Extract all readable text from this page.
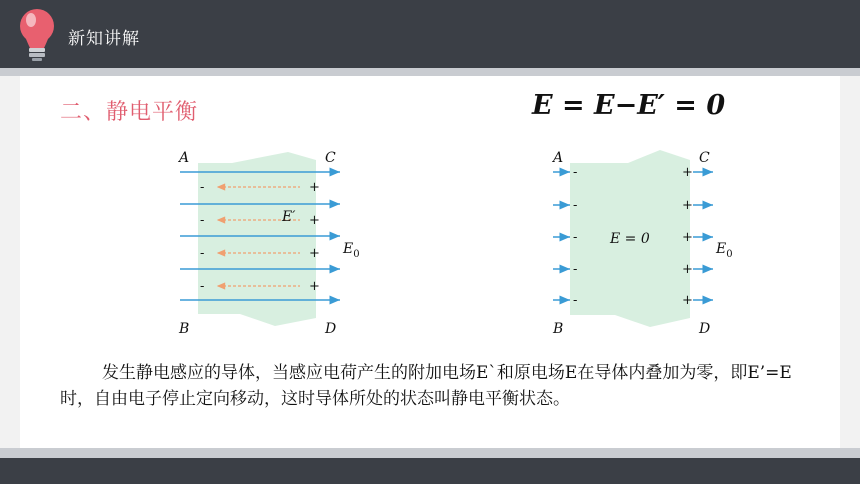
新知讲解
二、静电平衡	E = E−E′ = 0
-
-
-
-
+
+
+
+
A	C
B	D
E′
$E_0$
-
-
-
-
-
+
+
+
+
+
A	C
B	D
E = 0
$E_0$
发生静电感应的导体，当感应电荷产生的附加电场E`和原电场E在导体内叠加为零，即E’=E时，自由电子停止定向移动，这时导体所处的状态叫静电平衡状态。
